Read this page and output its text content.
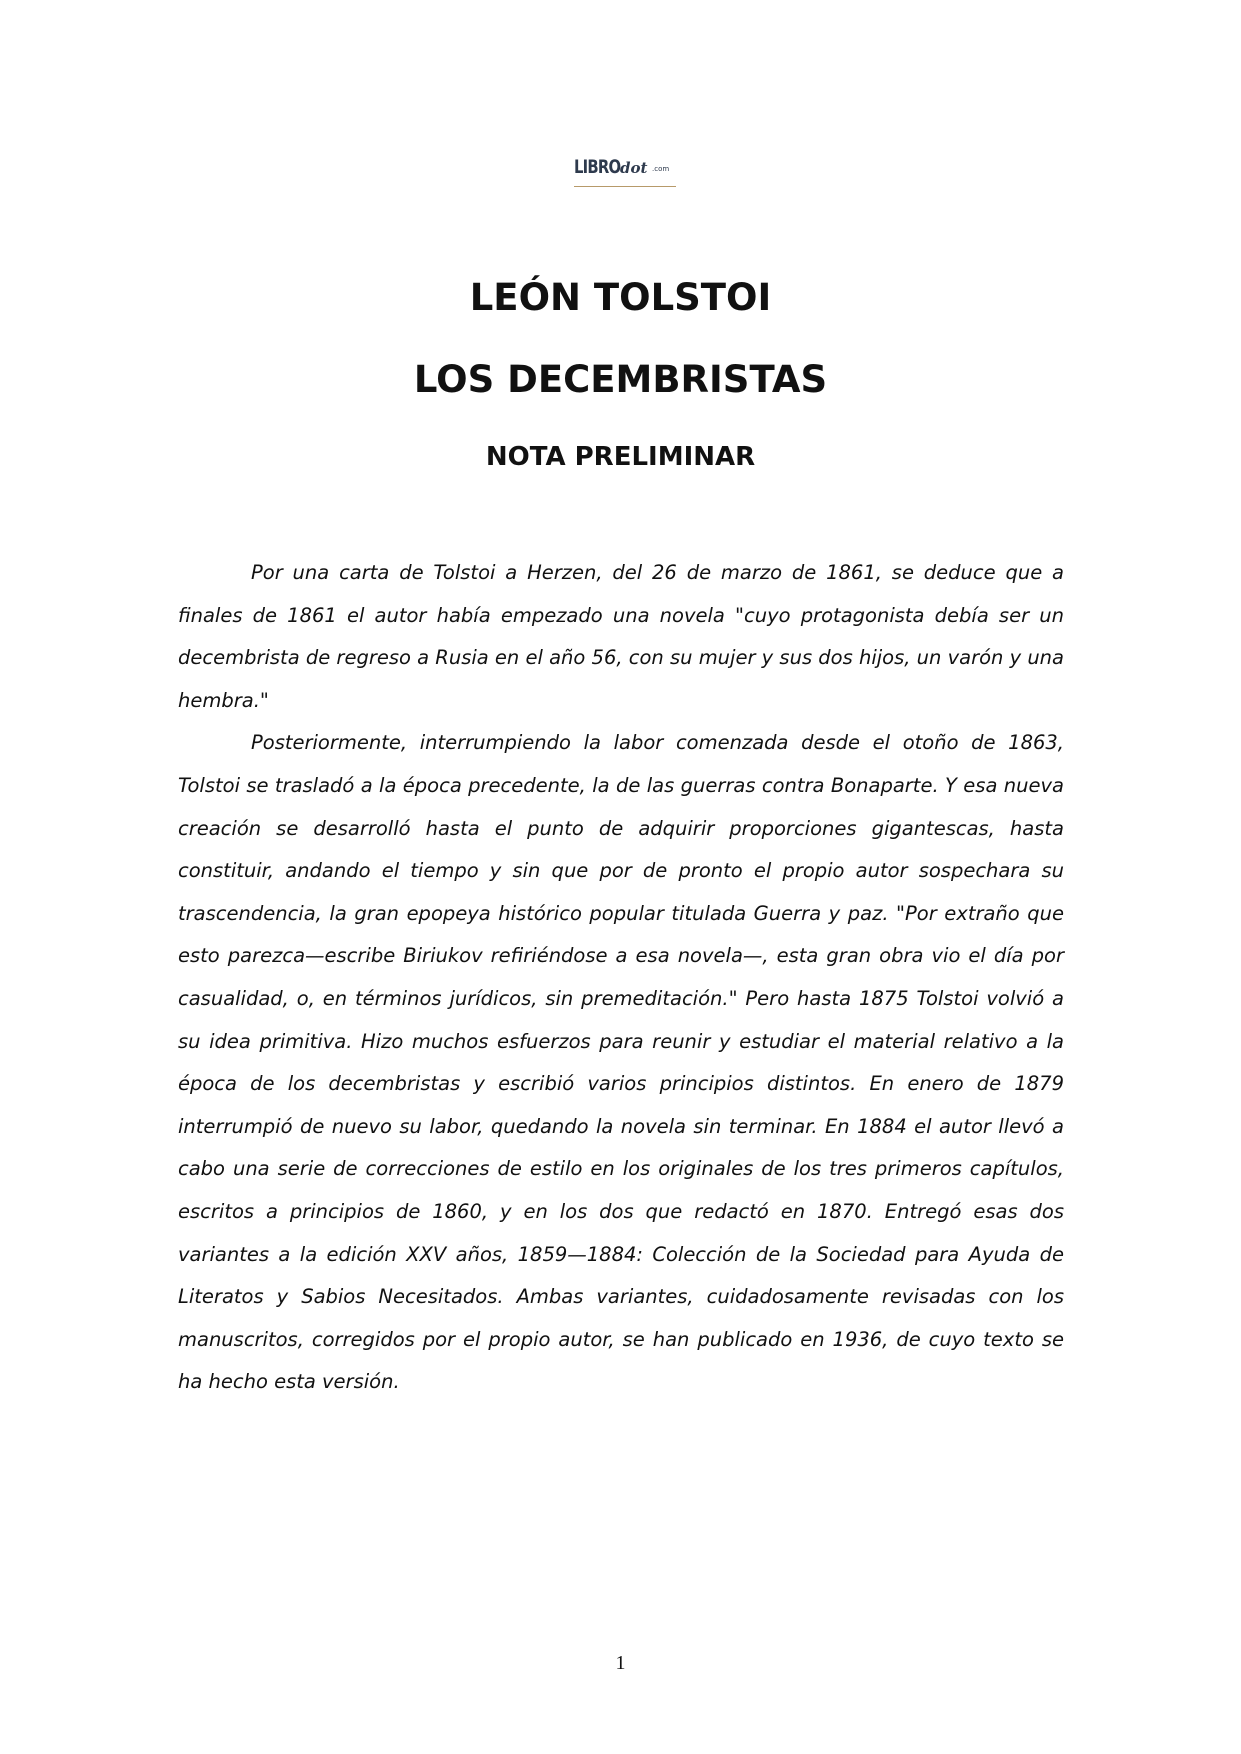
LIBRO dot .com
LEÓN TOLSTOI
LOS DECEMBRISTAS
NOTA PRELIMINAR

Por una carta de Tolstoi a Herzen, del 26 de marzo de 1861, se deduce que a finales de 1861 el autor había empezado una novela "cuyo protagonista debía ser un decembrista de regreso a Rusia en el año 56, con su mujer y sus dos hijos, un varón y una hembra."

Posteriormente, interrumpiendo la labor comenzada desde el otoño de 1863, Tolstoi se trasladó a la época precedente, la de las guerras contra Bonaparte. Y esa nueva creación se desarrolló hasta el punto de adquirir proporciones gigantescas, hasta constituir, andando el tiempo y sin que por de pronto el propio autor sospechara su trascendencia, la gran epopeya histórico popular titulada Guerra y paz. "Por extraño que esto parezca—escribe Biriukov refiriéndose a esa novela—, esta gran obra vio el día por casualidad, o, en términos jurídicos, sin premeditación." Pero hasta 1875 Tolstoi volvió a su idea primitiva. Hizo muchos esfuerzos para reunir y estudiar el material relativo a la época de los decembristas y escribió varios principios distintos. En enero de 1879 interrumpió de nuevo su labor, quedando la novela sin terminar. En 1884 el autor llevó a cabo una serie de correcciones de estilo en los originales de los tres primeros capítulos, escritos a principios de 1860, y en los dos que redactó en 1870. Entregó esas dos variantes a la edición XXV años, 1859—1884: Colección de la Sociedad para Ayuda de Literatos y Sabios Necesitados. Ambas variantes, cuidadosamente revisadas con los manuscritos, corregidos por el propio autor, se han publicado en 1936, de cuyo texto se ha hecho esta versión.

1
